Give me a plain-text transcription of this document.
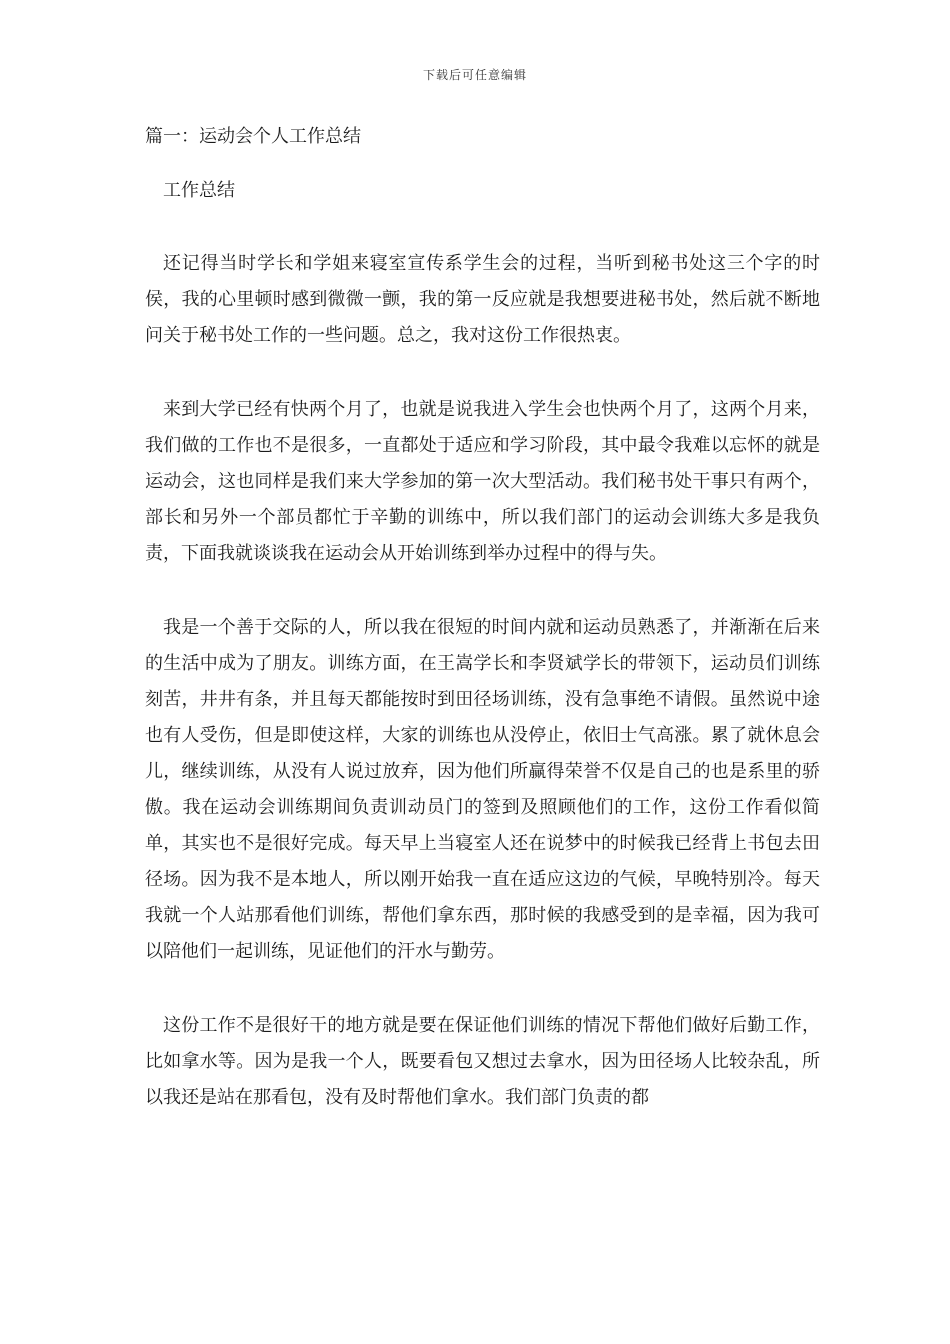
下载后可任意编辑
篇一：运动会个人工作总结
工作总结

还记得当时学长和学姐来寝室宣传系学生会的过程，当听到秘书处这三个字的时侯，我的心里顿时感到微微一颤，我的第一反应就是我想要进秘书处，然后就不断地问关于秘书处工作的一些问题。总之，我对这份工作很热衷。

来到大学已经有快两个月了，也就是说我进入学生会也快两个月了，这两个月来，我们做的工作也不是很多，一直都处于适应和学习阶段，其中最令我难以忘怀的就是运动会，这也同样是我们来大学参加的第一次大型活动。我们秘书处干事只有两个，部长和另外一个部员都忙于辛勤的训练中，所以我们部门的运动会训练大多是我负责，下面我就谈谈我在运动会从开始训练到举办过程中的得与失。

我是一个善于交际的人，所以我在很短的时间内就和运动员熟悉了，并渐渐在后来的生活中成为了朋友。训练方面，在王嵩学长和李贤斌学长的带领下，运动员们训练刻苦，井井有条，并且每天都能按时到田径场训练，没有急事绝不请假。虽然说中途也有人受伤，但是即使这样，大家的训练也从没停止，依旧士气高涨。累了就休息会儿，继续训练，从没有人说过放弃，因为他们所赢得荣誉不仅是自己的也是系里的骄傲。我在运动会训练期间负责训动员门的签到及照顾他们的工作，这份工作看似简单，其实也不是很好完成。每天早上当寝室人还在说梦中的时候我已经背上书包去田径场。因为我不是本地人，所以刚开始我一直在适应这边的气候，早晚特别冷。每天我就一个人站那看他们训练，帮他们拿东西，那时候的我感受到的是幸福，因为我可以陪他们一起训练，见证他们的汗水与勤劳。

这份工作不是很好干的地方就是要在保证他们训练的情况下帮他们做好后勤工作，比如拿水等。因为是我一个人，既要看包又想过去拿水，因为田径场人比较杂乱，所以我还是站在那看包，没有及时帮他们拿水。我们部门负责的都
